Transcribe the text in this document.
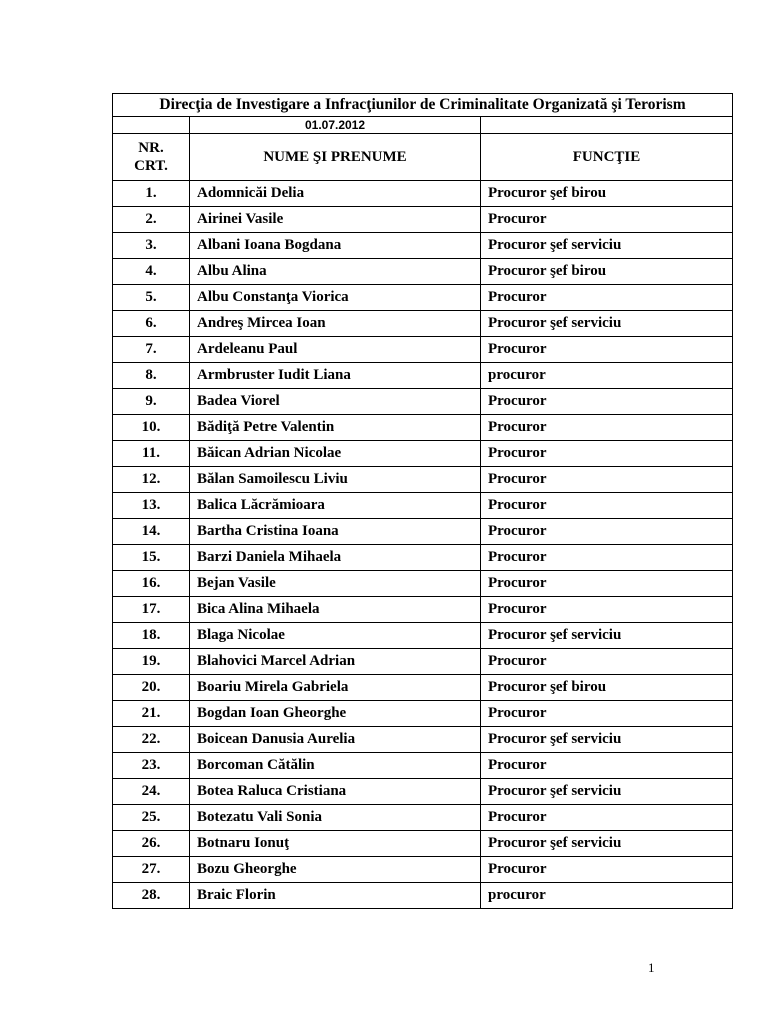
Direcţia de Investigare a Infracţiunilor de Criminalitate Organizată şi Terorism		
	01.07.2012	
NR.
CRT.	NUME ŞI PRENUME	FUNCŢIE
1.	Adomnicăi Delia	Procuror şef birou
2.	Airinei Vasile	Procuror
3.	Albani Ioana Bogdana	Procuror şef serviciu
4.	Albu Alina	Procuror şef birou
5.	Albu Constanţa Viorica	Procuror
6.	Andreş Mircea Ioan	Procuror şef serviciu
7.	Ardeleanu Paul	Procuror
8.	Armbruster Iudit Liana	procuror
9.	Badea Viorel	Procuror
10.	Bădiţă Petre Valentin	Procuror
11.	Băican Adrian Nicolae	Procuror
12.	Bălan Samoilescu Liviu	Procuror
13.	Balica Lăcrămioara	Procuror
14.	Bartha Cristina Ioana	Procuror
15.	Barzi Daniela Mihaela	Procuror
16.	Bejan Vasile	Procuror
17.	Bica Alina Mihaela	Procuror
18.	Blaga Nicolae	Procuror şef serviciu
19.	Blahovici Marcel Adrian	Procuror
20.	Boariu Mirela Gabriela	Procuror şef birou
21.	Bogdan Ioan Gheorghe	Procuror
22.	Boicean Danusia Aurelia	Procuror şef serviciu
23.	Borcoman Cătălin	Procuror
24.	Botea Raluca Cristiana	Procuror şef serviciu
25.	Botezatu Vali Sonia	Procuror
26.	Botnaru Ionuţ	Procuror şef serviciu
27.	Bozu Gheorghe	Procuror
28.	Braic Florin	procuror
1
